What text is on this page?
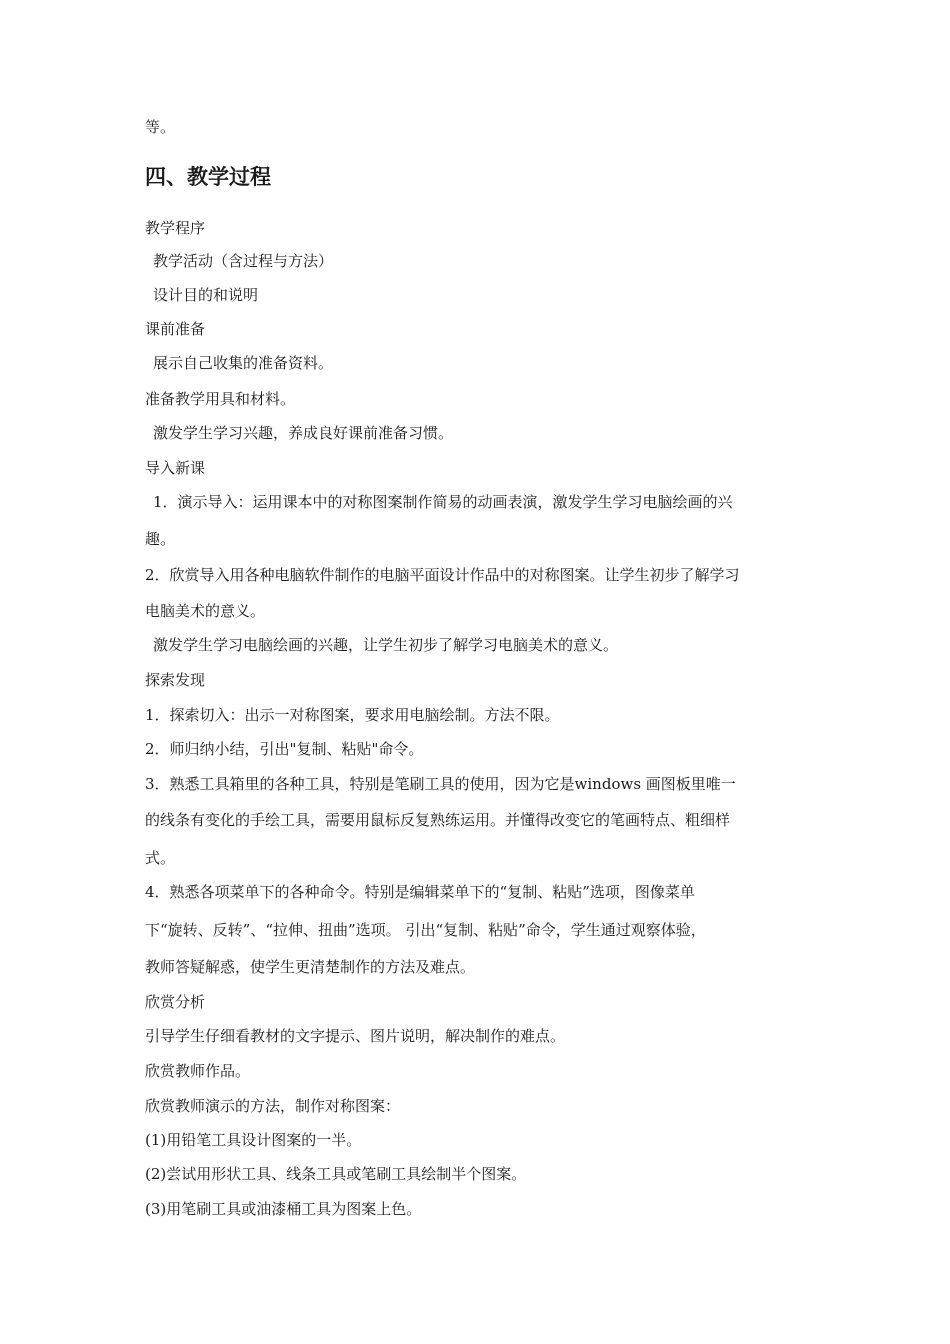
等。
四、教学过程
教学程序
教学活动（含过程与方法）
设计目的和说明
课前准备
展示自己收集的准备资料。
准备教学用具和材料。
激发学生学习兴趣，养成良好课前准备习惯。
导入新课
1．演示导入：运用课本中的对称图案制作简易的动画表演，激发学生学习电脑绘画的兴
趣。
2．欣赏导入用各种电脑软件制作的电脑平面设计作品中的对称图案。让学生初步了解学习
电脑美术的意义。
激发学生学习电脑绘画的兴趣，让学生初步了解学习电脑美术的意义。
探索发现
1．探索切入：出示一对称图案，要求用电脑绘制。方法不限。
2．师归纳小结，引出"复制、粘贴"命令。
3．熟悉工具箱里的各种工具，特别是笔刷工具的使用，因为它是windows 画图板里唯一
的线条有变化的手绘工具，需要用鼠标反复熟练运用。并懂得改变它的笔画特点、粗细样
式。
4．熟悉各项菜单下的各种命令。特别是编辑菜单下的“复制、粘贴”选项，图像菜单
下“旋转、反转”、“拉伸、扭曲”选项。 引出“复制、粘贴”命令，学生通过观察体验，
教师答疑解惑，使学生更清楚制作的方法及难点。
欣赏分析
引导学生仔细看教材的文字提示、图片说明，解决制作的难点。
欣赏教师作品。
欣赏教师演示的方法，制作对称图案：
(1)用铅笔工具设计图案的一半。
(2)尝试用形状工具、线条工具或笔刷工具绘制半个图案。
(3)用笔刷工具或油漆桶工具为图案上色。
